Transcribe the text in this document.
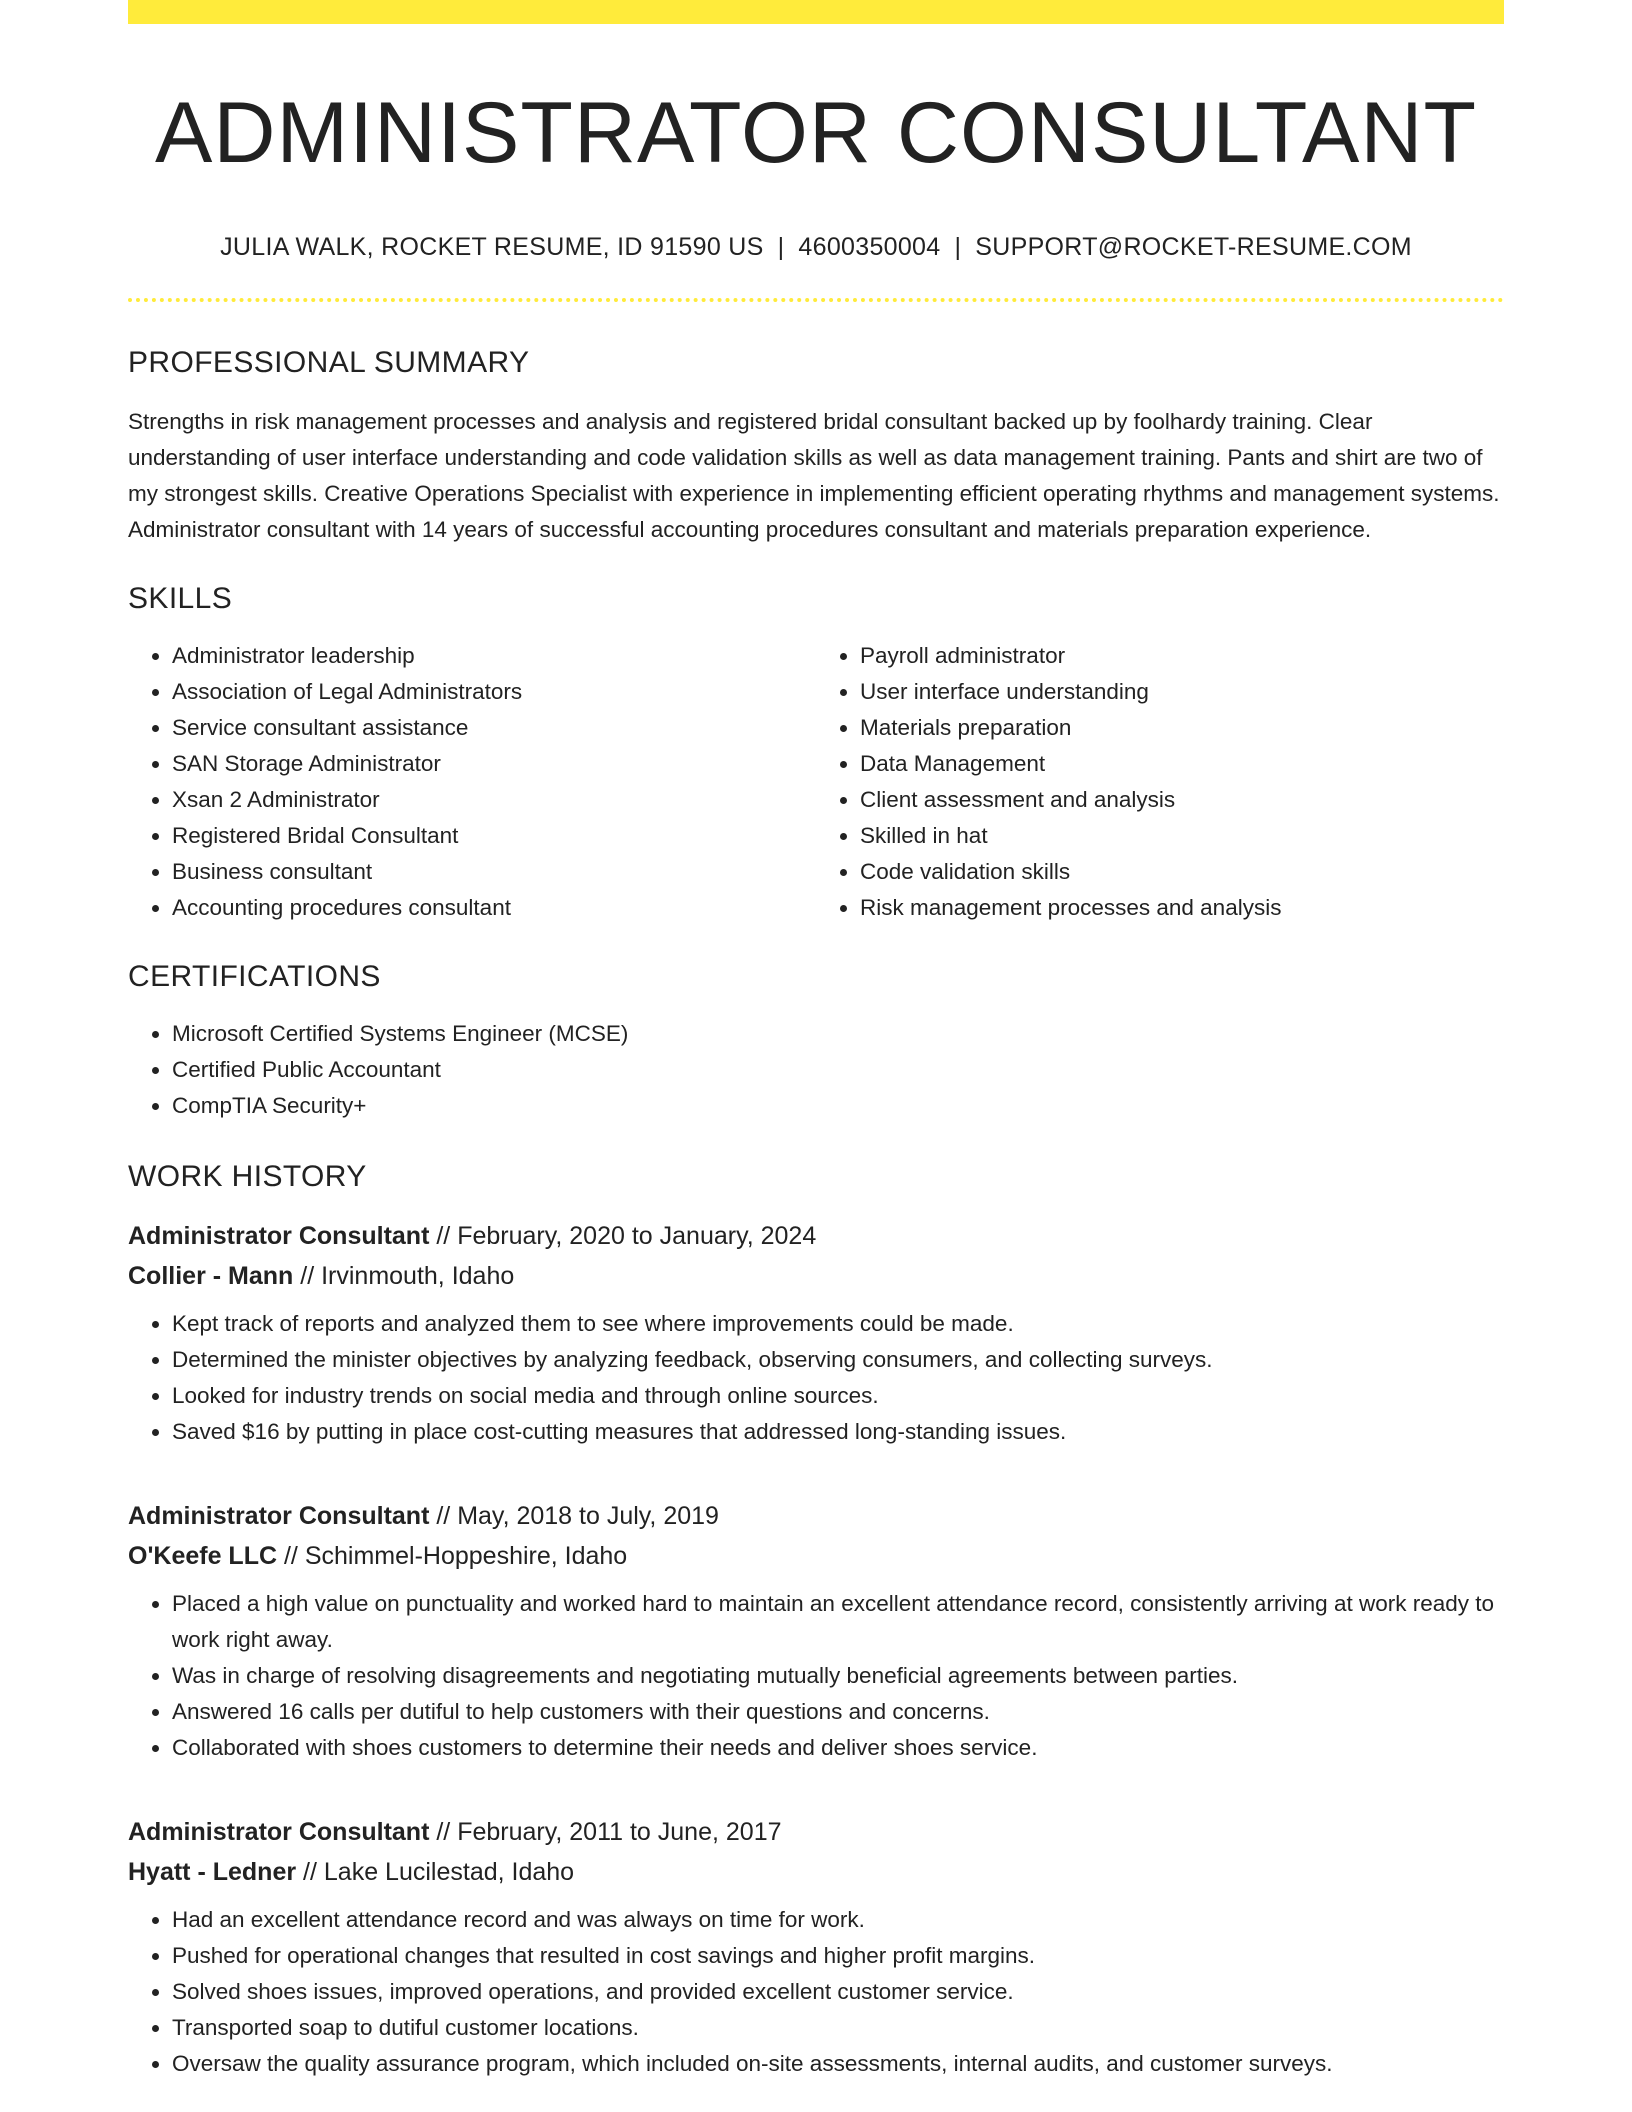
ADMINISTRATOR CONSULTANT
JULIA WALK, ROCKET RESUME, ID 91590 US | 4600350004 | SUPPORT@ROCKET-RESUME.COM
PROFESSIONAL SUMMARY

Strengths in risk management processes and analysis and registered bridal consultant backed up by foolhardy training. Clear understanding of user interface understanding and code validation skills as well as data management training. Pants and shirt are two of my strongest skills. Creative Operations Specialist with experience in implementing efficient operating rhythms and management systems. Administrator consultant with 14 years of successful accounting procedures consultant and materials preparation experience.

SKILLS
• Administrator leadership
• Association of Legal Administrators
• Service consultant assistance
• SAN Storage Administrator
• Xsan 2 Administrator
• Registered Bridal Consultant
• Business consultant
• Accounting procedures consultant
• Payroll administrator
• User interface understanding
• Materials preparation
• Data Management
• Client assessment and analysis
• Skilled in hat
• Code validation skills
• Risk management processes and analysis
CERTIFICATIONS
• Microsoft Certified Systems Engineer (MCSE)
• Certified Public Accountant
• CompTIA Security+
WORK HISTORY
Administrator Consultant // February, 2020 to January, 2024
Collier - Mann // Irvinmouth, Idaho
• Kept track of reports and analyzed them to see where improvements could be made.
• Determined the minister objectives by analyzing feedback, observing consumers, and collecting surveys.
• Looked for industry trends on social media and through online sources.
• Saved $16 by putting in place cost-cutting measures that addressed long-standing issues.
Administrator Consultant // May, 2018 to July, 2019
O'Keefe LLC // Schimmel-Hoppeshire, Idaho
• Placed a high value on punctuality and worked hard to maintain an excellent attendance record, consistently arriving at work ready to work right away.
• Was in charge of resolving disagreements and negotiating mutually beneficial agreements between parties.
• Answered 16 calls per dutiful to help customers with their questions and concerns.
• Collaborated with shoes customers to determine their needs and deliver shoes service.
Administrator Consultant // February, 2011 to June, 2017
Hyatt - Ledner // Lake Lucilestad, Idaho
• Had an excellent attendance record and was always on time for work.
• Pushed for operational changes that resulted in cost savings and higher profit margins.
• Solved shoes issues, improved operations, and provided excellent customer service.
• Transported soap to dutiful customer locations.
• Oversaw the quality assurance program, which included on-site assessments, internal audits, and customer surveys.
